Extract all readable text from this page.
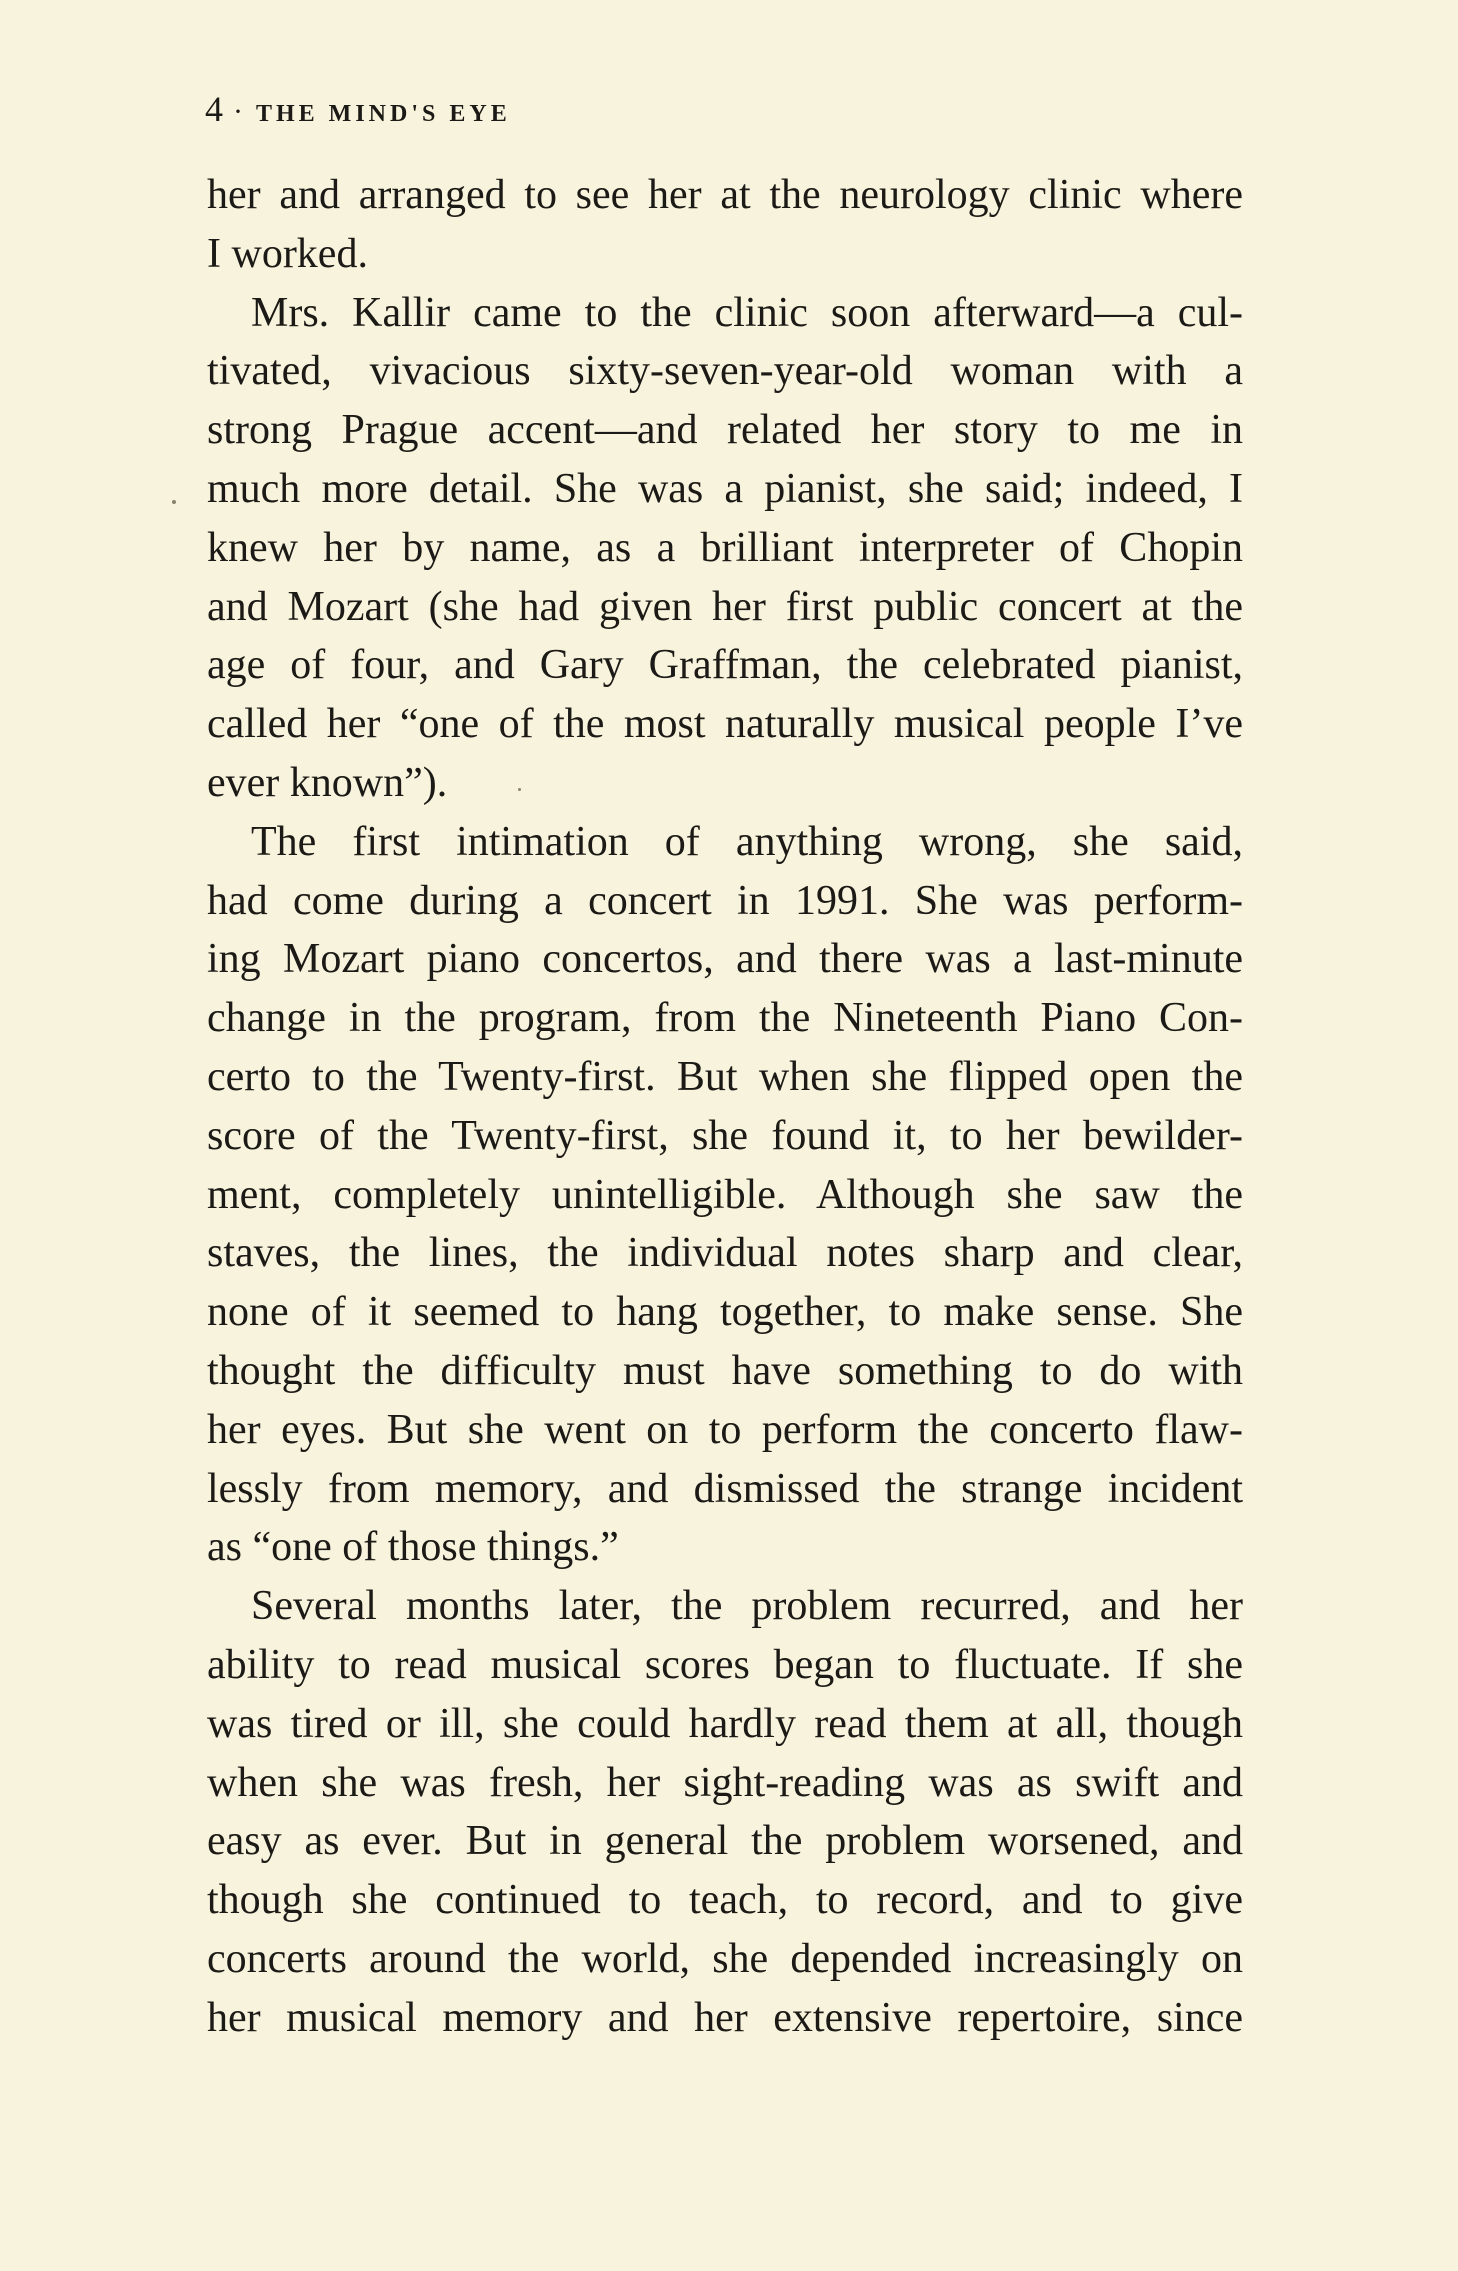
4 · THE MIND'S EYE
her and arranged to see her at the neurology clinic where
I worked.
Mrs. Kallir came to the clinic soon afterward—a cul-
tivated, vivacious sixty-seven-year-old woman with a
strong Prague accent—and related her story to me in
much more detail. She was a pianist, she said; indeed, I
knew her by name, as a brilliant interpreter of Chopin
and Mozart (she had given her first public concert at the
age of four, and Gary Graffman, the celebrated pianist,
called her “one of the most naturally musical people I’ve
ever known”).
The first intimation of anything wrong, she said,
had come during a concert in 1991. She was perform-
ing Mozart piano concertos, and there was a last-minute
change in the program, from the Nineteenth Piano Con-
certo to the Twenty-first. But when she flipped open the
score of the Twenty-first, she found it, to her bewilder-
ment, completely unintelligible. Although she saw the
staves, the lines, the individual notes sharp and clear,
none of it seemed to hang together, to make sense. She
thought the difficulty must have something to do with
her eyes. But she went on to perform the concerto flaw-
lessly from memory, and dismissed the strange incident
as “one of those things.”
Several months later, the problem recurred, and her
ability to read musical scores began to fluctuate. If she
was tired or ill, she could hardly read them at all, though
when she was fresh, her sight-reading was as swift and
easy as ever. But in general the problem worsened, and
though she continued to teach, to record, and to give
concerts around the world, she depended increasingly on
her musical memory and her extensive repertoire, since
